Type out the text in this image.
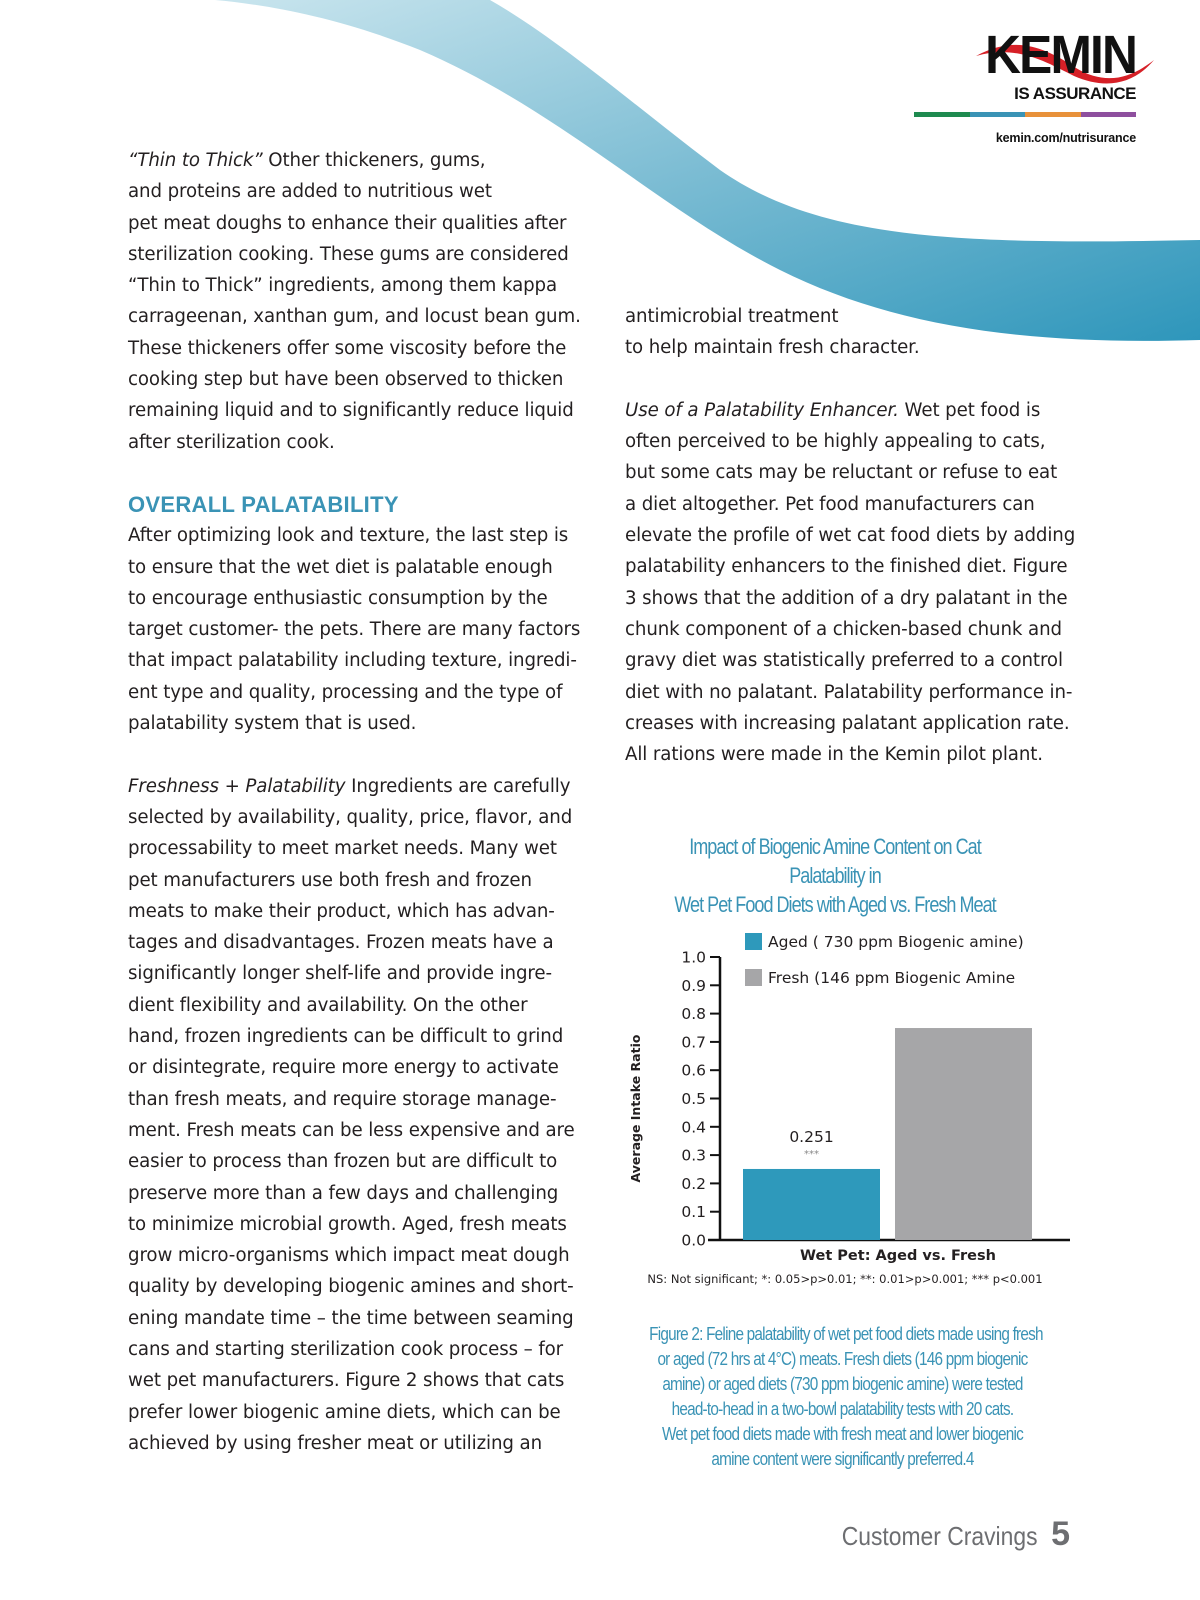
KEMIN
IS ASSURANCE
kemin.com/nutrisurance

“Thin to Thick” Other thickeners, gums,

and proteins are added to nutritious wet

pet meat doughs to enhance their qualities after

sterilization cooking. These gums are considered

“Thin to Thick” ingredients, among them kappa

carrageenan, xanthan gum, and locust bean gum.

These thickeners offer some viscosity before the

cooking step but have been observed to thicken

remaining liquid and to significantly reduce liquid

after sterilization cook.

OVERALL PALATABILITY

After optimizing look and texture, the last step is

to ensure that the wet diet is palatable enough

to encourage enthusiastic consumption by the

target customer- the pets. There are many factors

that impact palatability including texture, ingredi-

ent type and quality, processing and the type of

palatability system that is used.

Freshness + Palatability Ingredients are carefully

selected by availability, quality, price, flavor, and

processability to meet market needs. Many wet

pet manufacturers use both fresh and frozen

meats to make their product, which has advan-

tages and disadvantages. Frozen meats have a

significantly longer shelf-life and provide ingre-

dient flexibility and availability. On the other

hand, frozen ingredients can be difficult to grind

or disintegrate, require more energy to activate

than fresh meats, and require storage manage-

ment. Fresh meats can be less expensive and are

easier to process than frozen but are difficult to

preserve more than a few days and challenging

to minimize microbial growth. Aged, fresh meats

grow micro-organisms which impact meat dough

quality by developing biogenic amines and short-

ening mandate time – the time between seaming

cans and starting sterilization cook process – for

wet pet manufacturers. Figure 2 shows that cats

prefer lower biogenic amine diets, which can be

achieved by using fresher meat or utilizing an

antimicrobial treatment

to help maintain fresh character.

Use of a Palatability Enhancer. Wet pet food is

often perceived to be highly appealing to cats,

but some cats may be reluctant or refuse to eat

a diet altogether. Pet food manufacturers can

elevate the profile of wet cat food diets by adding

palatability enhancers to the finished diet. Figure

3 shows that the addition of a dry palatant in the

chunk component of a chicken-based chunk and

gravy diet was statistically preferred to a control

diet with no palatant. Palatability performance in-

creases with increasing palatant application rate.

All rations were made in the Kemin pilot plant.

Impact of Biogenic Amine Content on Cat Palatability in
Wet Pet Food Diets with Aged vs. Fresh Meat
0.0
0.1
0.2
0.3
0.4
0.5
0.6
0.7
0.8
0.9
1.0
Average Intake Ratio	0.251
***
Aged ( 730 ppm Biogenic amine)
Fresh (146 ppm Biogenic Amine
Wet Pet: Aged vs. Fresh
NS: Not significant; *: 0.05>p>0.01; **: 0.01>p>0.001; *** p<0.001

Figure 2: Feline palatability of wet pet food diets made using fresh

or aged (72 hrs at 4°C) meats. Fresh diets (146 ppm biogenic

amine) or aged diets (730 ppm biogenic amine) were tested

head-to-head in a two-bowl palatability tests with 20 cats.

Wet pet food diets made with fresh meat and lower biogenic

amine content were significantly preferred.4

Customer Cravings 5
